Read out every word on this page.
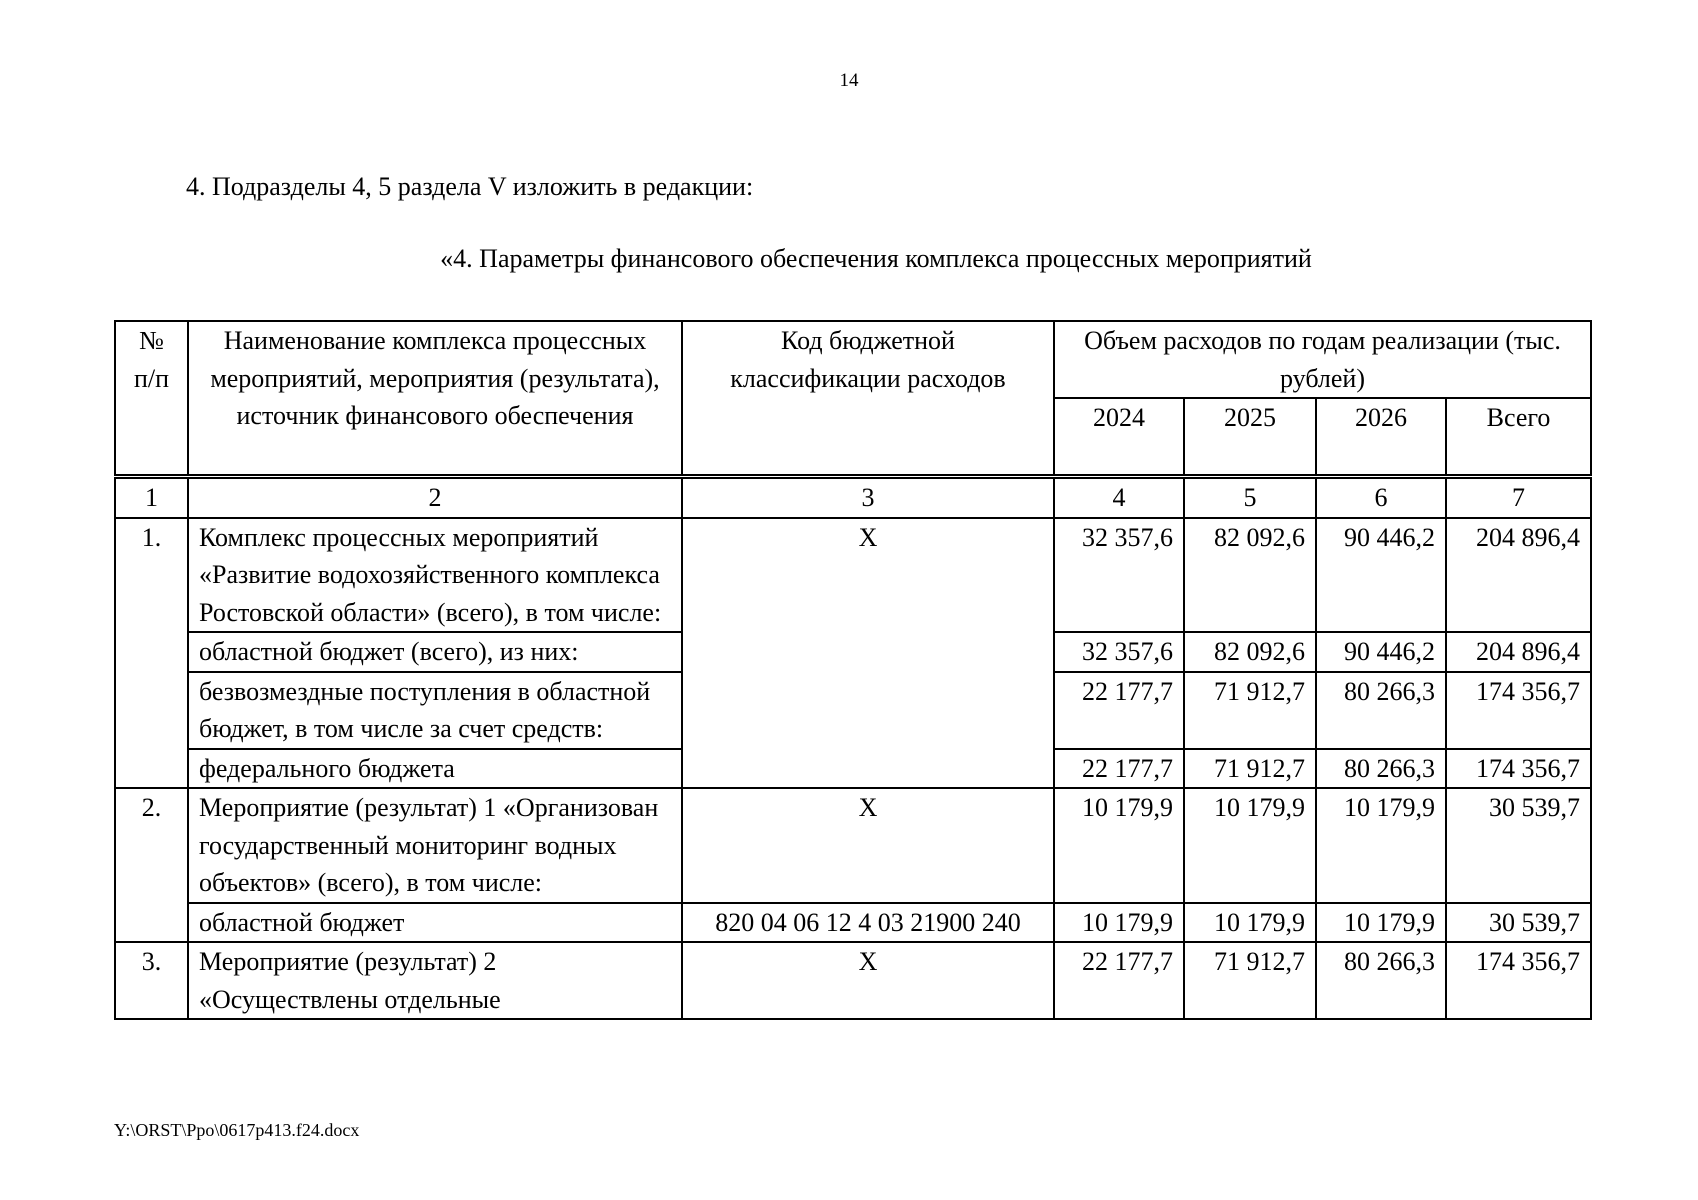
14
4. Подразделы 4, 5 раздела V изложить в редакции:
«4. Параметры финансового обеспечения комплекса процессных мероприятий
№ п/п	Наименование комплекса процессных мероприятий, мероприятия (результата), источник финансового обеспечения	Код бюджетной классификации расходов	Объем расходов по годам реализации (тыс. рублей)			
			2024	2025	2026	Всего
1	2	3	4	5	6	7
1.	Комплекс процессных мероприятий «Развитие водохозяйственного комплекса Ростовской области» (всего), в том числе:	Х	32 357,6	82 092,6	90 446,2	204 896,4
	областной бюджет (всего), из них:		32 357,6	82 092,6	90 446,2	204 896,4
	безвозмездные поступления в областной бюджет, в том числе за счет средств:		22 177,7	71 912,7	80 266,3	174 356,7
	федерального бюджета		22 177,7	71 912,7	80 266,3	174 356,7
2.	Мероприятие (результат) 1 «Организован государственный мониторинг водных объектов» (всего), в том числе:	Х	10 179,9	10 179,9	10 179,9	30 539,7
	областной бюджет	820 04 06 12 4 03 21900 240	10 179,9	10 179,9	10 179,9	30 539,7
3.	Мероприятие (результат) 2 «Осуществлены отдельные	Х	22 177,7	71 912,7	80 266,3	174 356,7
Y:\ORST\Ppo\0617p413.f24.docx
